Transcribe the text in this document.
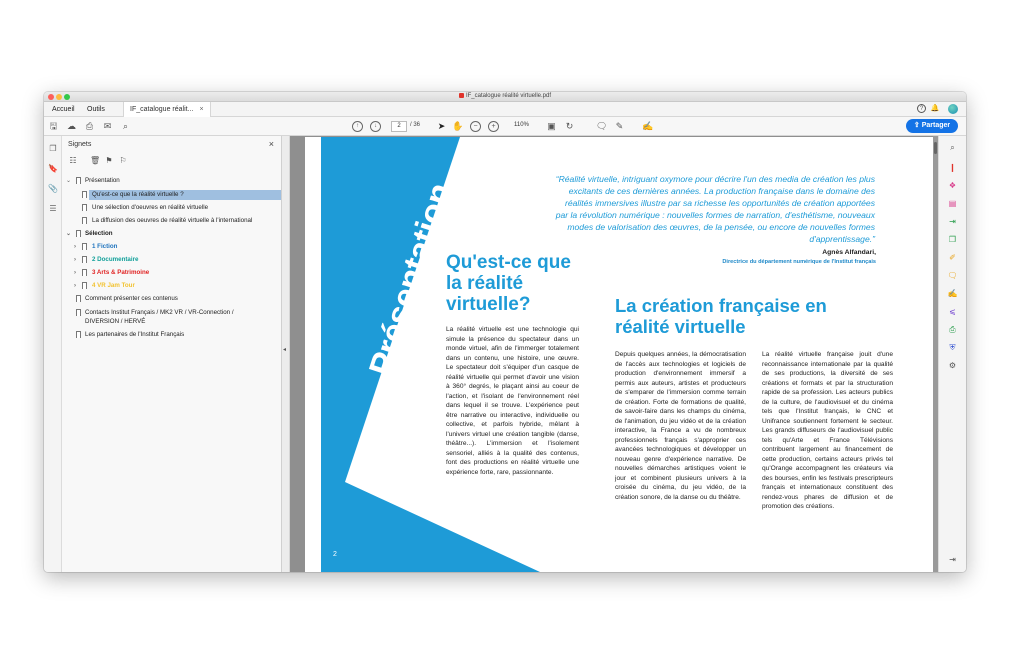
IF_catalogue réalité virtuelle.pdf
Accueil Outils	IF_catalogue réalit... ×	?	🔔
🖫 ☁ ⎙ ✉	⌕	↑	↓	2	/ 36 ➤ ✋	−	+	110% ▣ ↻	🗨 ✎ ✍	⇪ Partager
❐
🔖
📎
☰
Signets	×
☷ 🗑 ⚑ ⚐
⌄ Présentation
Qu'est-ce que la réalité virtuelle ?
Une sélection d'oeuvres en réalité virtuelle
La diffusion des oeuvres de réalité virtuelle à l'international
⌄ Sélection
›	1 Fiction
›	2 Documentaire
›	3 Arts & Patrimoine
›	4 VR Jam Tour
Comment présenter ces contenus
Contacts Institut Français / MK2 VR / VR-Connection /
DIVERSION / HERVÉ
Les partenaires de l'Institut Français
◂ Présentation
2
“Réalité virtuelle, intriguant oxymore pour décrire l'un des media de création les plus excitants de ces dernières années. La production française dans le domaine des réalités immersives illustre par sa richesse les opportunités de création apportées par la révolution numérique : nouvelles formes de narration, d'esthétisme, nouveaux modes de valorisation des œuvres, de la pensée, ou encore de nouvelles formes d'apprentissage.”
Agnès Alfandari,
Directrice du département numérique de l'Institut français
Qu'est-ce que la réalité virtuelle?
La réalité virtuelle est une technologie qui simule la présence du spectateur dans un monde virtuel, afin de l'immerger totalement dans un contenu, une histoire, une œuvre. Le spectateur doit s'équiper d'un casque de réalité virtuelle qui permet d'avoir une vision à 360° degrés, le plaçant ainsi au coeur de l'action, et l'isolant de l'environnement réel dans lequel il se trouve. L'expérience peut être narrative ou interactive, individuelle ou collective, et parfois hybride, mêlant à l'univers virtuel une création tangible (danse, théâtre...). L'immersion et l'isolement sensoriel, alliés à la qualité des contenus, font des productions en réalité virtuelle une expérience forte, rare, passionnante.
La création française en réalité virtuelle
Depuis quelques années, la démocratisation de l'accès aux technologies et logiciels de production d'environnement immersif a permis aux auteurs, artistes et producteurs de s'emparer de l'immersion comme terrain de création. Forte de formations de qualité, de savoir-faire dans les champs du cinéma, de l'animation, du jeu vidéo et de la création interactive, la France a vu de nombreux professionnels français s'approprier ces avancées technologiques et développer un nouveau genre d'expérience narrative. De nouvelles démarches artistiques voient le jour et combinent plusieurs univers à la croisée du cinéma, du jeu vidéo, de la création sonore, de la danse ou du théâtre.
La réalité virtuelle française jouit d'une reconnaissance internationale par la qualité de ses productions, la diversité de ses créations et formats et par la structuration rapide de sa profession. Les acteurs publics de la culture, de l'audiovisuel et du cinéma tels que l'Institut français, le CNC et Unifrance soutiennent fortement le secteur. Les grands diffuseurs de l'audiovisuel public tels qu'Arte et France Télévisions contribuent largement au financement de cette production, certains acteurs privés tel qu'Orange accompagnent les créateurs via des bourses, enfin les festivals prescripteurs français et internationaux constituent des rendez-vous phares de diffusion et de promotion des créations.
⌕
❙
❖
▤
⇥
❒
✐
🗨
✍
⩽
⎙
⛨
⚙
⇥
